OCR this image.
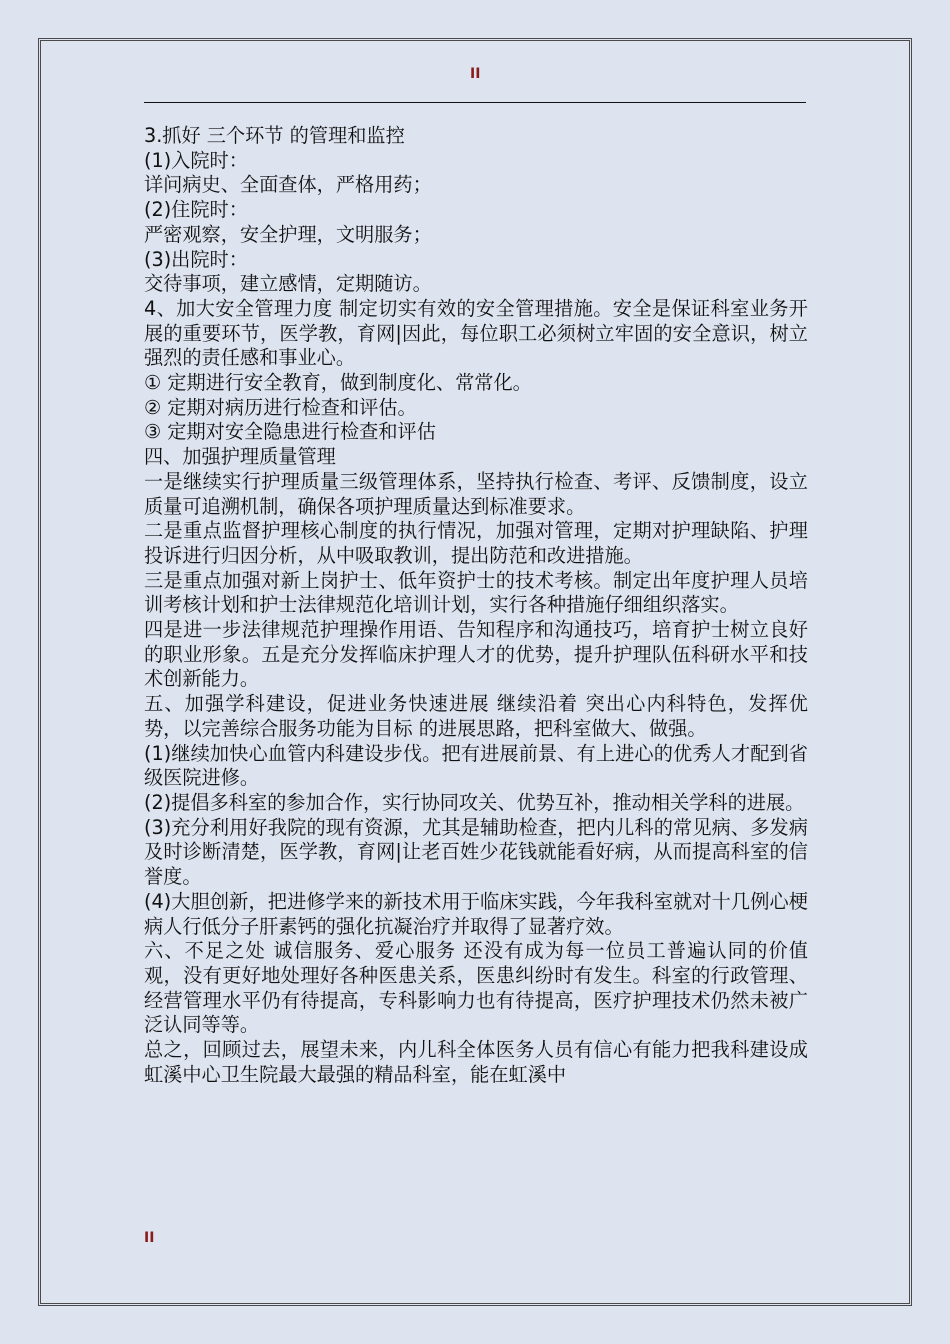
II

3.抓好 三个环节 的管理和监控

(1)入院时：

详问病史、全面查体，严格用药；

(2)住院时：

严密观察，安全护理，文明服务；

(3)出院时：

交待事项，建立感情，定期随访。

4、加大安全管理力度 制定切实有效的安全管理措施。安全是保证科室业务开展的重要环节，医学教，育网|因此，每位职工必须树立牢固的安全意识，树立强烈的责任感和事业心。

① 定期进行安全教育，做到制度化、常常化。

② 定期对病历进行检查和评估。

③ 定期对安全隐患进行检查和评估

四、加强护理质量管理

一是继续实行护理质量三级管理体系，坚持执行检查、考评、反馈制度，设立质量可追溯机制，确保各项护理质量达到标准要求。

二是重点监督护理核心制度的执行情况，加强对管理，定期对护理缺陷、护理投诉进行归因分析，从中吸取教训，提出防范和改进措施。

三是重点加强对新上岗护士、低年资护士的技术考核。制定出年度护理人员培训考核计划和护士法律规范化培训计划，实行各种措施仔细组织落实。

四是进一步法律规范护理操作用语、告知程序和沟通技巧，培育护士树立良好的职业形象。五是充分发挥临床护理人才的优势，提升护理队伍科研水平和技术创新能力。

五、加强学科建设，促进业务快速进展 继续沿着 突出心内科特色，发挥优势，以完善综合服务功能为目标 的进展思路，把科室做大、做强。

(1)继续加快心血管内科建设步伐。把有进展前景、有上进心的优秀人才配到省级医院进修。

(2)提倡多科室的参加合作，实行协同攻关、优势互补，推动相关学科的进展。

(3)充分利用好我院的现有资源，尤其是辅助检查，把内儿科的常见病、多发病及时诊断清楚，医学教，育网|让老百姓少花钱就能看好病，从而提高科室的信誉度。

(4)大胆创新，把进修学来的新技术用于临床实践，今年我科室就对十几例心梗病人行低分子肝素钙的强化抗凝治疗并取得了显著疗效。

六、不足之处 诚信服务、爱心服务 还没有成为每一位员工普遍认同的价值观，没有更好地处理好各种医患关系，医患纠纷时有发生。科室的行政管理、经营管理水平仍有待提高，专科影响力也有待提高，医疗护理技术仍然未被广泛认同等等。

总之，回顾过去，展望未来，内儿科全体医务人员有信心有能力把我科建设成虹溪中心卫生院最大最强的精品科室，能在虹溪中

II
